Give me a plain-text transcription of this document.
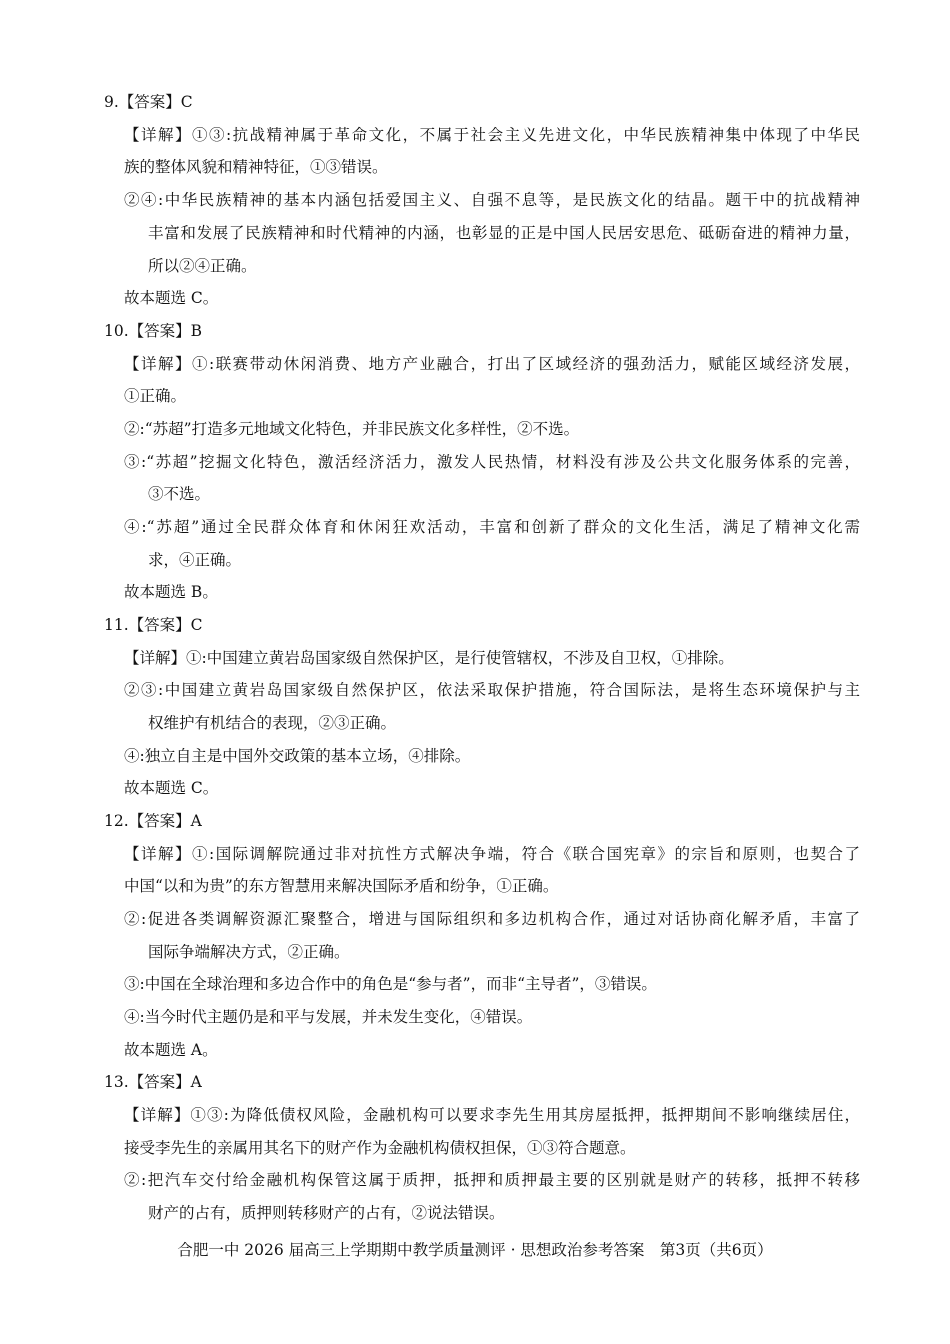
9.【答案】C
【详解】①③:抗战精神属于革命文化，不属于社会主义先进文化，中华民族精神集中体现了中华民
族的整体风貌和精神特征，①③错误。
②④:中华民族精神的基本内涵包括爱国主义、自强不息等，是民族文化的结晶。题干中的抗战精神
丰富和发展了民族精神和时代精神的内涵，也彰显的正是中国人民居安思危、砥砺奋进的精神力量，
所以②④正确。
故本题选 C。
10.【答案】B
【详解】①:联赛带动休闲消费、地方产业融合，打出了区域经济的强劲活力，赋能区域经济发展，
①正确。
②:“苏超”打造多元地域文化特色，并非民族文化多样性，②不选。
③:“苏超”挖掘文化特色，激活经济活力，激发人民热情，材料没有涉及公共文化服务体系的完善，
③不选。
④:“苏超”通过全民群众体育和休闲狂欢活动，丰富和创新了群众的文化生活，满足了精神文化需
求，④正确。
故本题选 B。
11.【答案】C
【详解】①:中国建立黄岩岛国家级自然保护区，是行使管辖权，不涉及自卫权，①排除。
②③:中国建立黄岩岛国家级自然保护区，依法采取保护措施，符合国际法，是将生态环境保护与主
权维护有机结合的表现，②③正确。
④:独立自主是中国外交政策的基本立场，④排除。
故本题选 C。
12.【答案】A
【详解】①:国际调解院通过非对抗性方式解决争端，符合《联合国宪章》的宗旨和原则，也契合了
中国“以和为贵”的东方智慧用来解决国际矛盾和纷争，①正确。
②:促进各类调解资源汇聚整合，增进与国际组织和多边机构合作，通过对话协商化解矛盾，丰富了
国际争端解决方式，②正确。
③:中国在全球治理和多边合作中的角色是“参与者”，而非“主导者”，③错误。
④:当今时代主题仍是和平与发展，并未发生变化，④错误。
故本题选 A。
13.【答案】A
【详解】①③:为降低债权风险，金融机构可以要求李先生用其房屋抵押，抵押期间不影响继续居住，
接受李先生的亲属用其名下的财产作为金融机构债权担保，①③符合题意。
②:把汽车交付给金融机构保管这属于质押，抵押和质押最主要的区别就是财产的转移，抵押不转移
财产的占有，质押则转移财产的占有，②说法错误。
合肥一中 2026 届高三上学期期中教学质量测评 · 思想政治参考答案　第3页（共6页）
